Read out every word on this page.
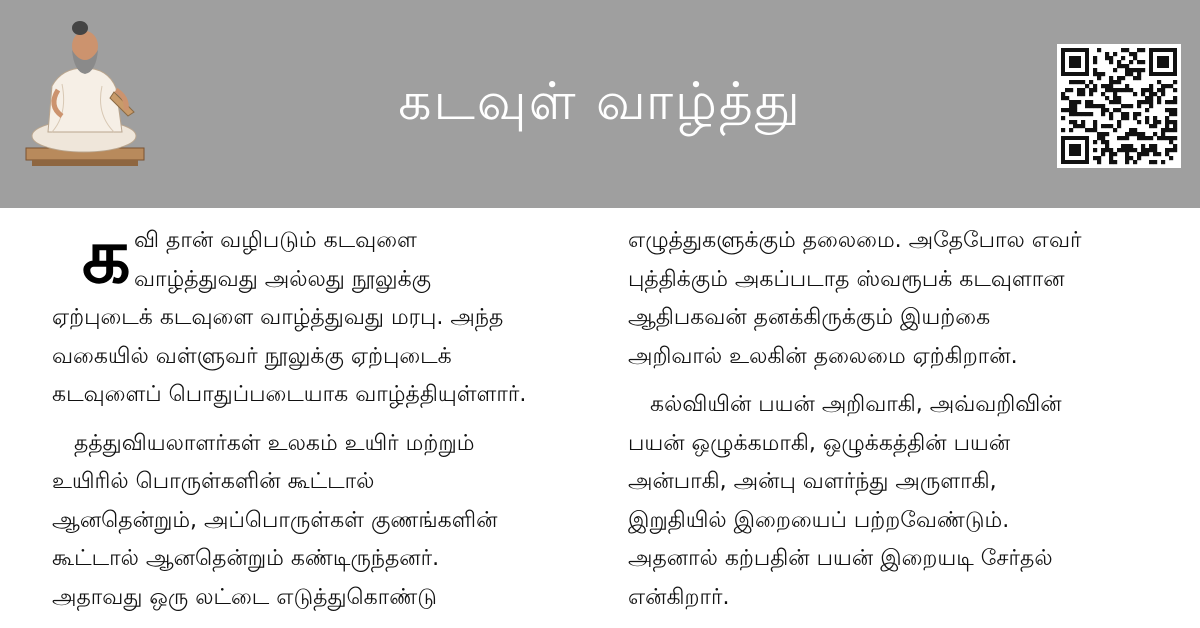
கடவுள் வாழ்த்து
க வி தான் வழிபடும் கடவுளை

வாழ்த்துவது அல்லது நூலுக்கு

ஏற்புடைக் கடவுளை வாழ்த்துவது மரபு. அந்த

வகையில் வள்ளுவர் நூலுக்கு ஏற்புடைக்

கடவுளைப் பொதுப்படையாக வாழ்த்தியுள்ளார்.

தத்துவியலாளர்கள் உலகம் உயிர் மற்றும்

உயிரில் பொருள்களின் கூட்டால்

ஆனதென்றும், அப்பொருள்கள் குணங்களின்

கூட்டால் ஆனதென்றும் கண்டிருந்தனர்.

அதாவது ஒரு லட்டை எடுத்துகொண்டு

எழுத்துகளுக்கும் தலைமை. அதேபோல எவர்

புத்திக்கும் அகப்படாத ஸ்வரூபக் கடவுளான

ஆதிபகவன் தனக்கிருக்கும் இயற்கை

அறிவால் உலகின் தலைமை ஏற்கிறான்.

கல்வியின் பயன் அறிவாகி, அவ்வறிவின்

பயன் ஒழுக்கமாகி, ஒழுக்கத்தின் பயன்

அன்பாகி, அன்பு வளர்ந்து அருளாகி,

இறுதியில் இறையைப் பற்றவேண்டும்.

அதனால் கற்பதின் பயன் இறையடி சேர்தல்

என்கிறார்.
